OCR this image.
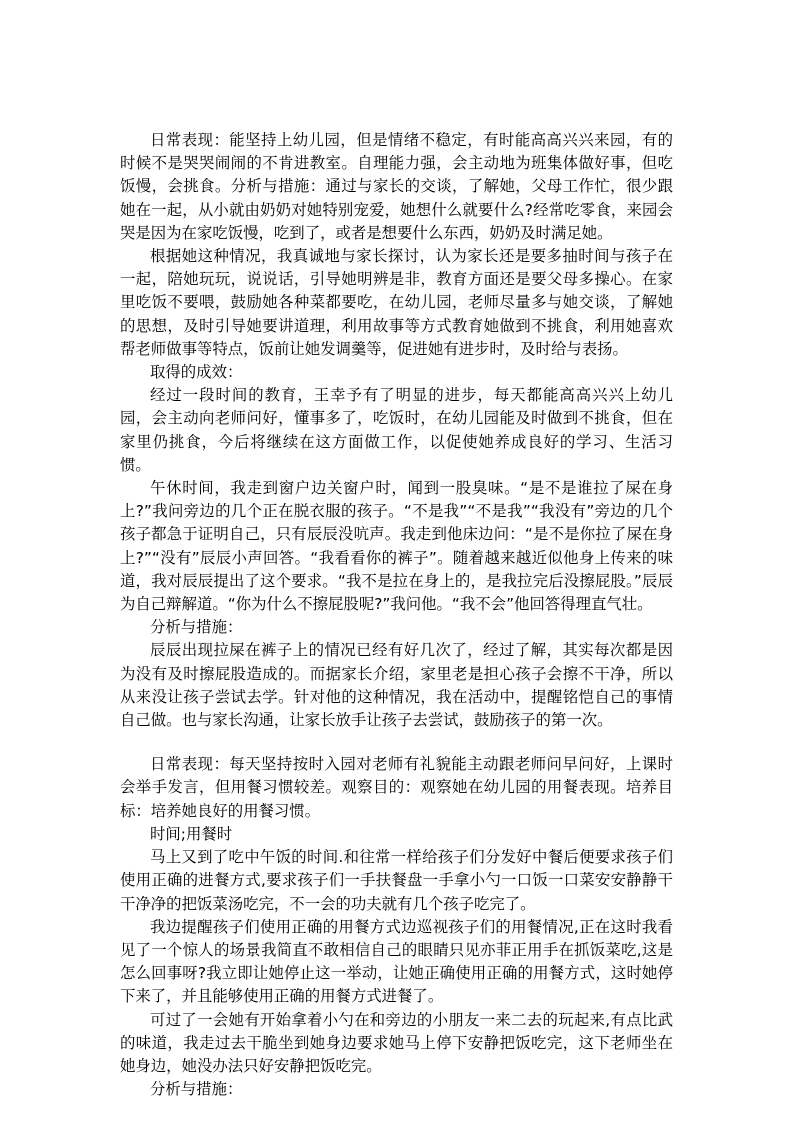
日常表现：能坚持上幼儿园，但是情绪不稳定，有时能高高兴兴来园，有的时候不是哭哭闹闹的不肯进教室。自理能力强，会主动地为班集体做好事，但吃饭慢，会挑食。分析与措施：通过与家长的交谈，了解她，父母工作忙，很少跟她在一起，从小就由奶奶对她特别宠爱，她想什么就要什么?经常吃零食，来园会哭是因为在家吃饭慢，吃到了，或者是想要什么东西，奶奶及时满足她。

根据她这种情况，我真诚地与家长探讨，认为家长还是要多抽时间与孩子在一起，陪她玩玩，说说话，引导她明辨是非，教育方面还是要父母多操心。在家里吃饭不要喂，鼓励她各种菜都要吃，在幼儿园，老师尽量多与她交谈，了解她的思想，及时引导她要讲道理，利用故事等方式教育她做到不挑食，利用她喜欢帮老师做事等特点，饭前让她发调羹等，促进她有进步时，及时给与表扬。

取得的成效：

经过一段时间的教育，王幸予有了明显的进步，每天都能高高兴兴上幼儿园，会主动向老师问好，懂事多了，吃饭时，在幼儿园能及时做到不挑食，但在家里仍挑食，今后将继续在这方面做工作，以促使她养成良好的学习、生活习惯。

午休时间，我走到窗户边关窗户时，闻到一股臭味。“是不是谁拉了屎在身上?”我问旁边的几个正在脱衣服的孩子。“不是我”“不是我”“我没有”旁边的几个孩子都急于证明自己，只有辰辰没吭声。我走到他床边问：“是不是你拉了屎在身上?”“没有”辰辰小声回答。“我看看你的裤子”。随着越来越近似他身上传来的味道，我对辰辰提出了这个要求。“我不是拉在身上的，是我拉完后没擦屁股。”辰辰为自己辩解道。“你为什么不擦屁股呢?”我问他。“我不会”他回答得理直气壮。

分析与措施：

辰辰出现拉屎在裤子上的情况已经有好几次了，经过了解，其实每次都是因为没有及时擦屁股造成的。而据家长介绍，家里老是担心孩子会擦不干净，所以从来没让孩子尝试去学。针对他的这种情况，我在活动中，提醒铭恺自己的事情自己做。也与家长沟通，让家长放手让孩子去尝试，鼓励孩子的第一次。

日常表现：每天坚持按时入园对老师有礼貌能主动跟老师问早问好，上课时会举手发言，但用餐习惯较差。观察目的：观察她在幼儿园的用餐表现。培养目标：培养她良好的用餐习惯。

时间;用餐时

马上又到了吃中午饭的时间.和往常一样给孩子们分发好中餐后便要求孩子们使用正确的进餐方式,要求孩子们一手扶餐盘一手拿小勺一口饭一口菜安安静静干干净净的把饭菜汤吃完，不一会的功夫就有几个孩子吃完了。

我边提醒孩子们使用正确的用餐方式边巡视孩子们的用餐情况,正在这时我看见了一个惊人的场景我简直不敢相信自己的眼睛只见亦菲正用手在抓饭菜吃,这是怎么回事呀?我立即让她停止这一举动，让她正确使用正确的用餐方式，这时她停下来了，并且能够使用正确的用餐方式进餐了。

可过了一会她有开始拿着小勺在和旁边的小朋友一来二去的玩起来,有点比武的味道，我走过去干脆坐到她身边要求她马上停下安静把饭吃完，这下老师坐在她身边，她没办法只好安静把饭吃完。

分析与措施：
